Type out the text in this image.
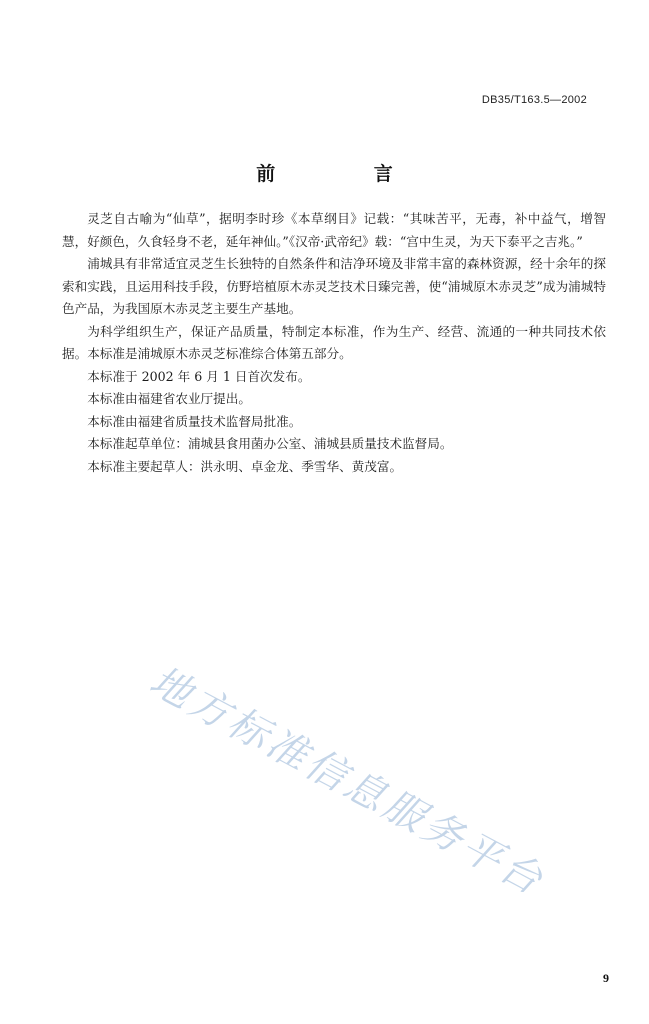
DB35/T163.5—2002
前 言

灵芝自古喻为“仙草”，据明李时珍《本草纲目》记载：“其味苦平，无毒，补中益气，增智慧，好颜色，久食轻身不老，延年神仙。”《汉帝·武帝纪》载：“宫中生灵，为天下泰平之吉兆。”

浦城具有非常适宜灵芝生长独特的自然条件和洁净环境及非常丰富的森林资源，经十余年的探索和实践，且运用科技手段，仿野培植原木赤灵芝技术日臻完善，使“浦城原木赤灵芝”成为浦城特色产品，为我国原木赤灵芝主要生产基地。

为科学组织生产，保证产品质量，特制定本标准，作为生产、经营、流通的一种共同技术依据。本标准是浦城原木赤灵芝标准综合体第五部分。

本标准于 2002 年 6 月 1 日首次发布。

本标准由福建省农业厅提出。

本标准由福建省质量技术监督局批准。

本标准起草单位：浦城县食用菌办公室、浦城县质量技术监督局。

本标准主要起草人：洪永明、卓金龙、季雪华、黄茂富。

地方标准信息服务平台
9
